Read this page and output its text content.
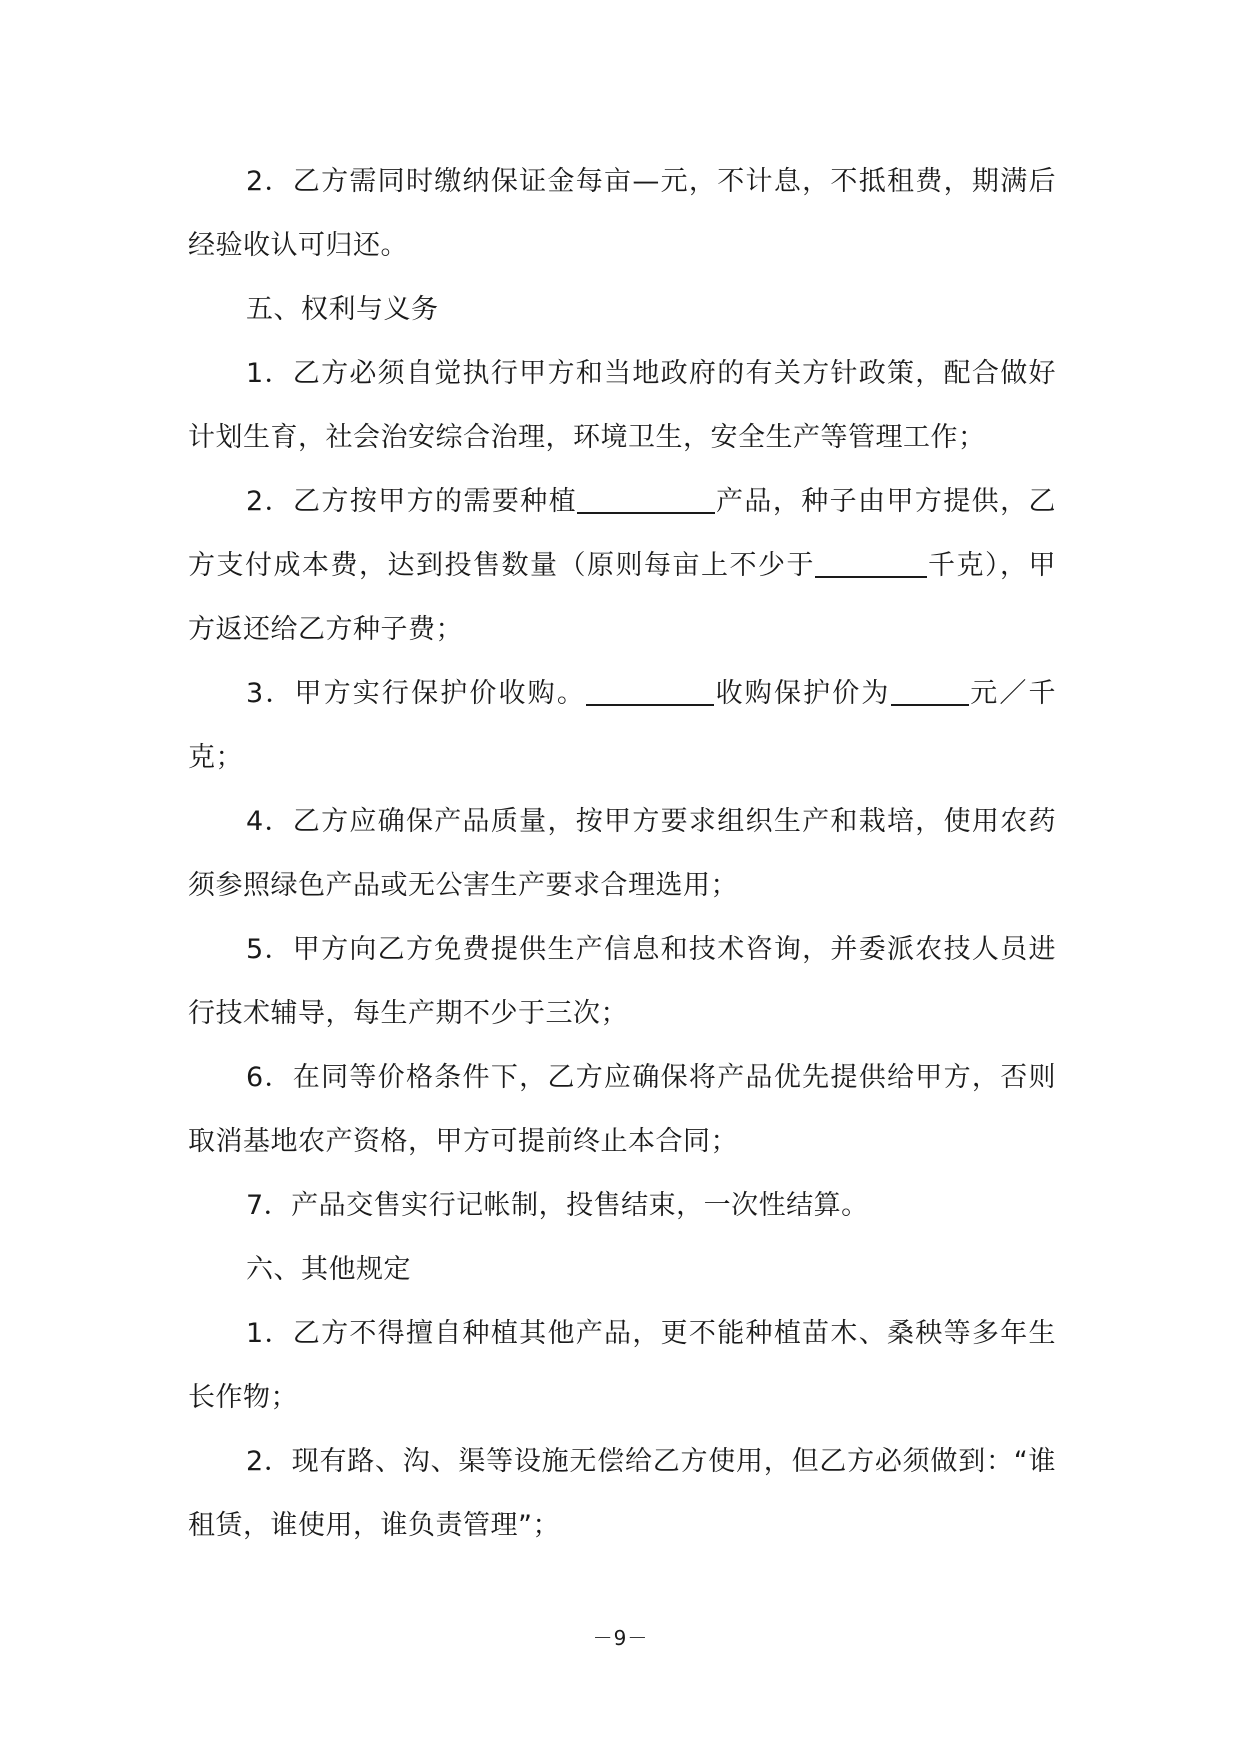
2．乙方需同时缴纳保证金每亩—元，不计息，不抵租费，期满后经验收认可归还。

五、权利与义务

1．乙方必须自觉执行甲方和当地政府的有关方针政策，配合做好计划生育，社会治安综合治理，环境卫生，安全生产等管理工作；

2．乙方按甲方的需要种植	产品，种子由甲方提供，乙方支付成本费，达到投售数量（原则每亩上不少于	千克），甲方返还给乙方种子费；

3．甲方实行保护价收购。	收购保护价为	元／千克；

4．乙方应确保产品质量，按甲方要求组织生产和栽培，使用农药须参照绿色产品或无公害生产要求合理选用；

5．甲方向乙方免费提供生产信息和技术咨询，并委派农技人员进行技术辅导，每生产期不少于三次；

6．在同等价格条件下，乙方应确保将产品优先提供给甲方，否则取消基地农产资格，甲方可提前终止本合同；

7．产品交售实行记帐制，投售结束，一次性结算。

六、其他规定

1．乙方不得擅自种植其他产品，更不能种植苗木、桑秧等多年生长作物；

2．现有路、沟、渠等设施无偿给乙方使用，但乙方必须做到：“谁租赁，谁使用，谁负责管理”；

－9－
